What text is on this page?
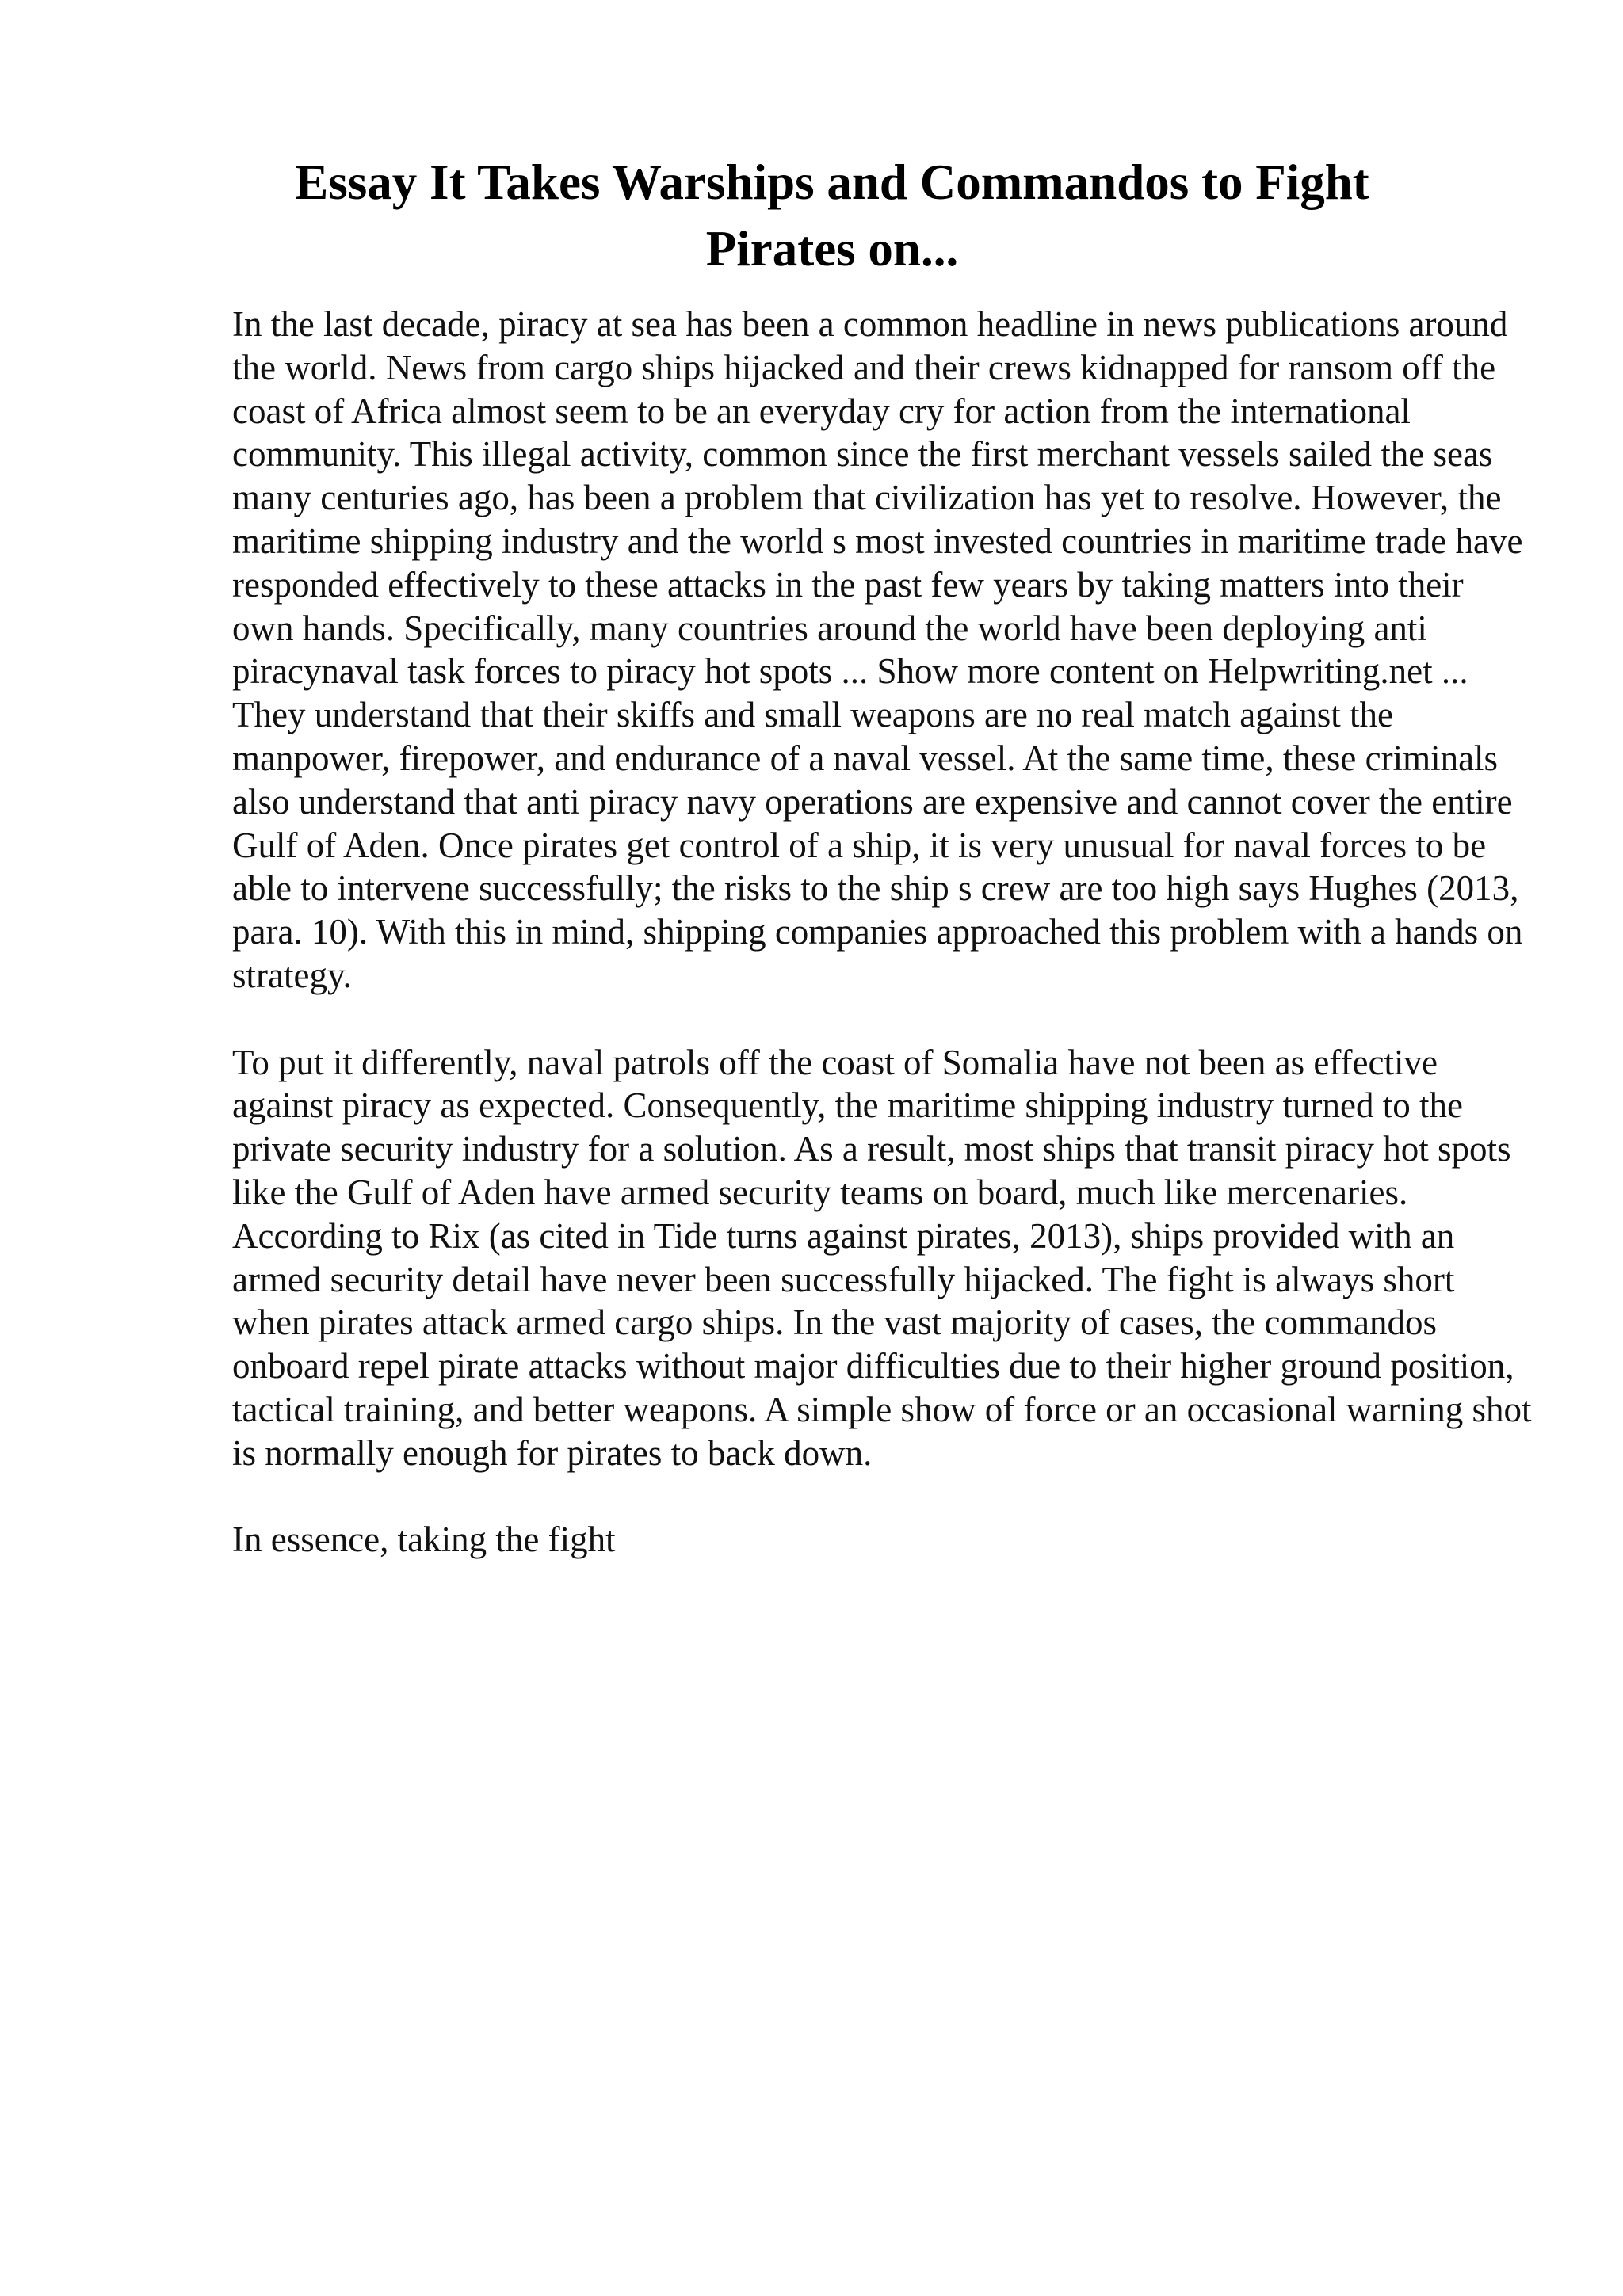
Essay It Takes Warships and Commandos to Fight Pirates on...

In the last decade, piracy at sea has been a common headline in news publications around the world. News from cargo ships hijacked and their crews kidnapped for ransom off the coast of Africa almost seem to be an everyday cry for action from the international community. This illegal activity, common since the first merchant vessels sailed the seas many centuries ago, has been a problem that civilization has yet to resolve. However, the maritime shipping industry and the world s most invested countries in maritime trade have responded effectively to these attacks in the past few years by taking matters into their own hands. Specifically, many countries around the world have been deploying anti piracynaval task forces to piracy hot spots ... Show more content on Helpwriting.net ...

They understand that their skiffs and small weapons are no real match against the manpower, firepower, and endurance of a naval vessel. At the same time, these criminals also understand that anti piracy navy operations are expensive and cannot cover the entire Gulf of Aden. Once pirates get control of a ship, it is very unusual for naval forces to be able to intervene successfully; the risks to the ship s crew are too high says Hughes (2013, para. 10). With this in mind, shipping companies approached this problem with a hands on strategy.

To put it differently, naval patrols off the coast of Somalia have not been as effective against piracy as expected. Consequently, the maritime shipping industry turned to the private security industry for a solution. As a result, most ships that transit piracy hot spots like the Gulf of Aden have armed security teams on board, much like mercenaries. According to Rix (as cited in Tide turns against pirates, 2013), ships provided with an armed security detail have never been successfully hijacked. The fight is always short when pirates attack armed cargo ships. In the vast majority of cases, the commandos onboard repel pirate attacks without major difficulties due to their higher ground position, tactical training, and better weapons. A simple show of force or an occasional warning shot is normally enough for pirates to back down.

In essence, taking the fight
